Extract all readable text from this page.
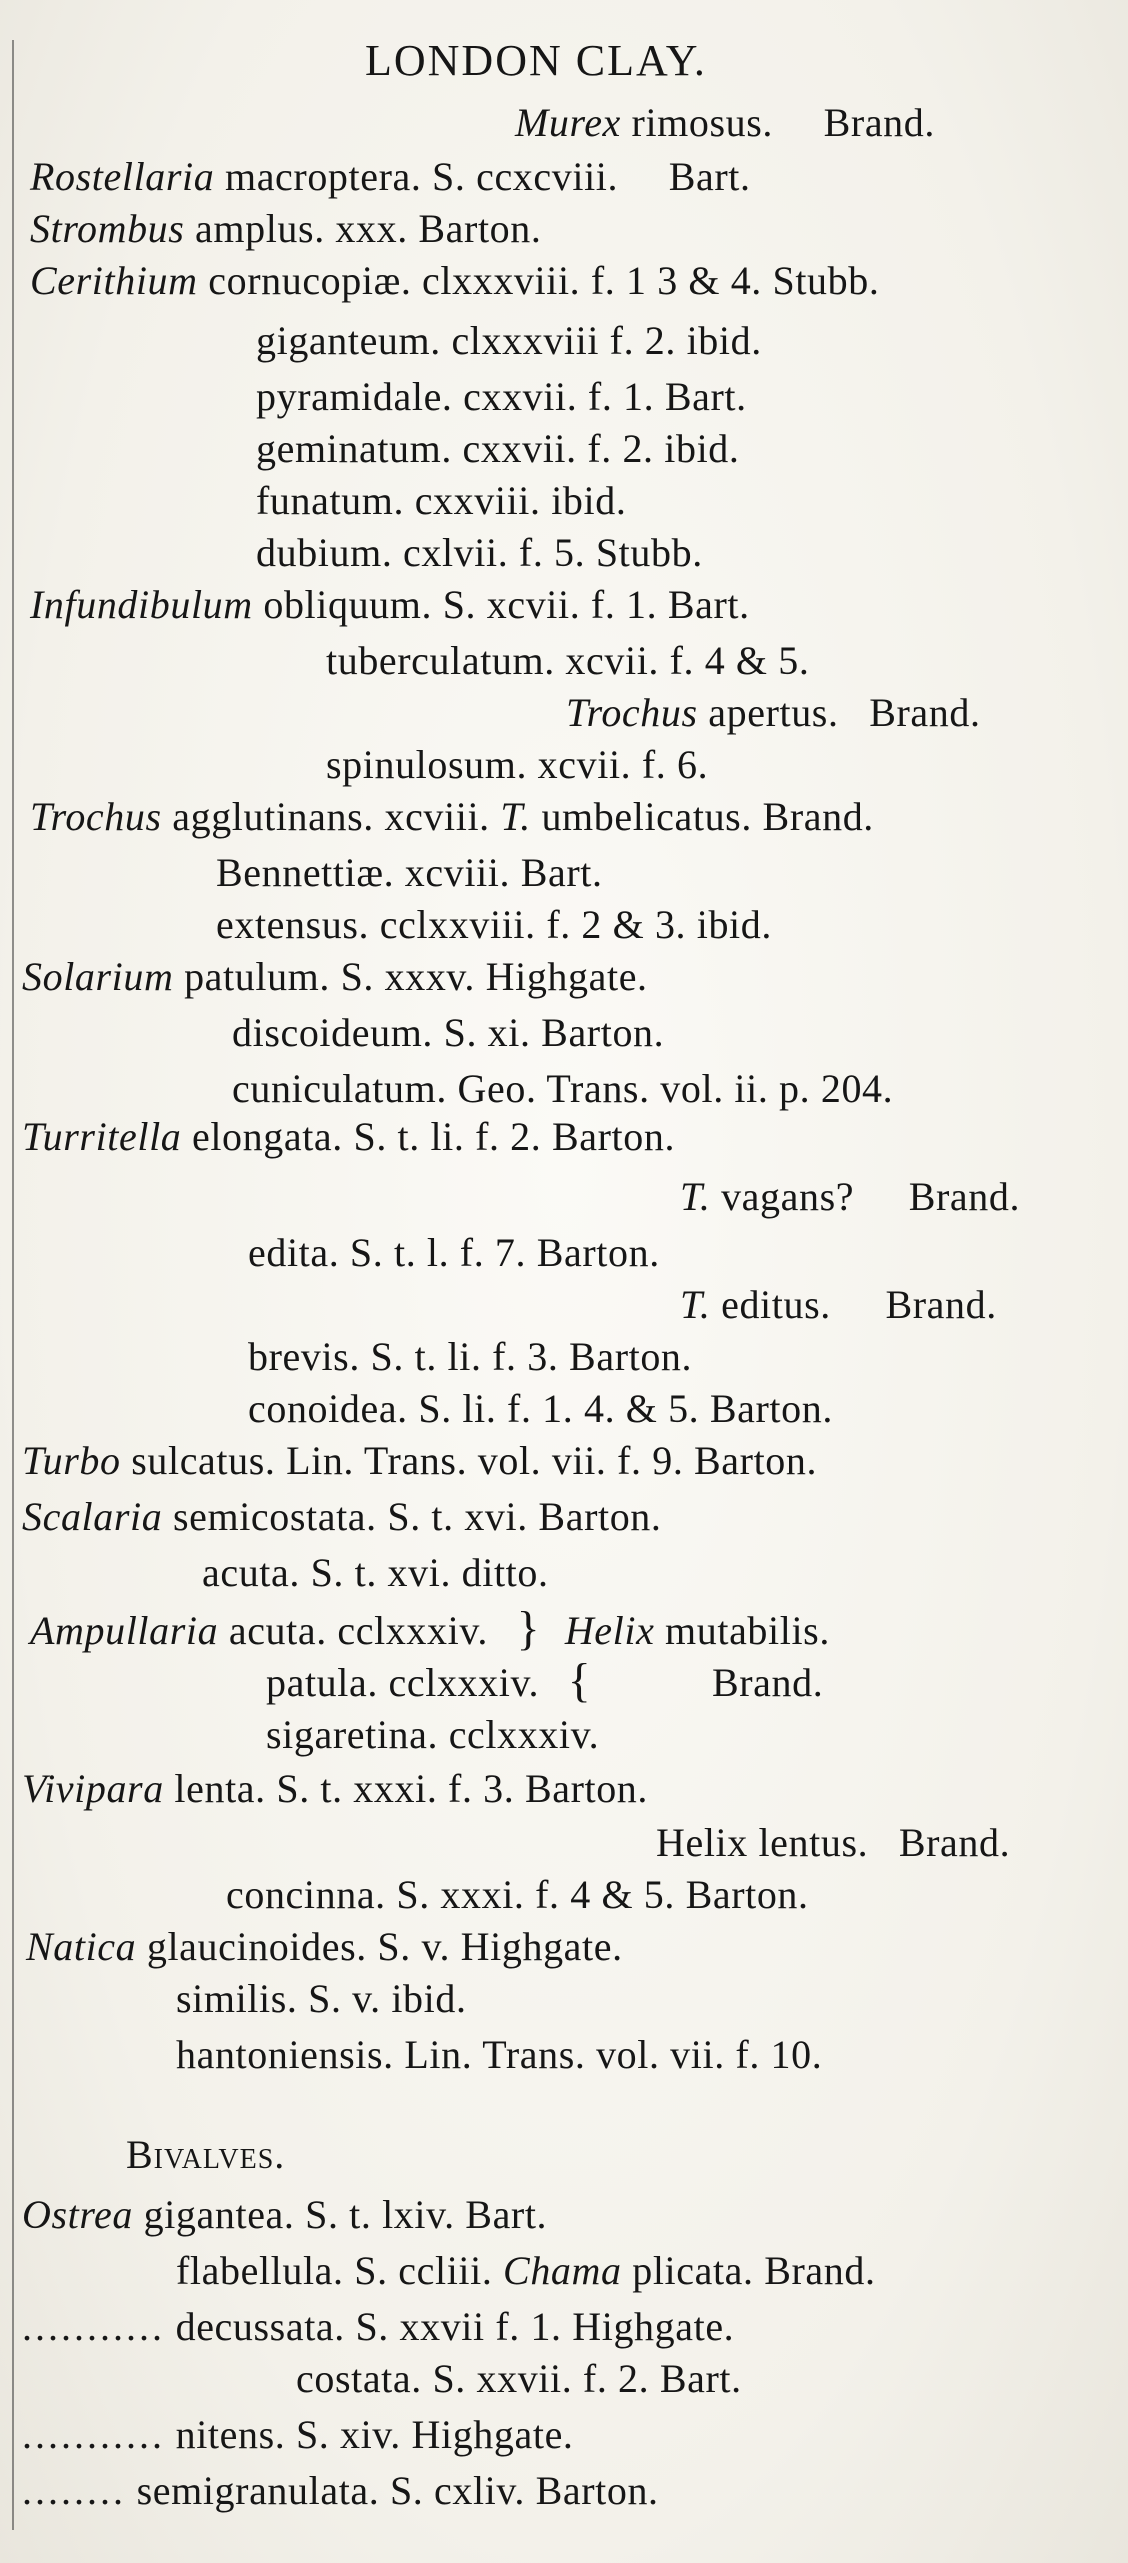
LONDON CLAY.
Murex rimosus. Brand.
Rostellaria macroptera. S. ccxcviii. Bart.
Strombus amplus. xxx. Barton.
Cerithium cornucopiæ. clxxxviii. f. 1 3 & 4. Stubb.
giganteum. clxxxviii f. 2. ibid.
pyramidale. cxxvii. f. 1. Bart.
geminatum. cxxvii. f. 2. ibid.
funatum. cxxviii. ibid.
dubium. cxlvii. f. 5. Stubb.
Infundibulum obliquum. S. xcvii. f. 1. Bart.
tuberculatum. xcvii. f. 4 & 5.
Trochus apertus. Brand.
spinulosum. xcvii. f. 6.
Trochus agglutinans. xcviii. T. umbelicatus. Brand.
Bennettiæ. xcviii. Bart.
extensus. cclxxviii. f. 2 & 3. ibid.
Solarium patulum. S. xxxv. Highgate.
discoideum. S. xi. Barton.
cuniculatum. Geo. Trans. vol. ii. p. 204.
Turritella elongata. S. t. li. f. 2. Barton.
T. vagans? Brand.
edita. S. t. l. f. 7. Barton.
T. editus. Brand.
brevis. S. t. li. f. 3. Barton.
conoidea. S. li. f. 1. 4. & 5. Barton.
Turbo sulcatus. Lin. Trans. vol. vii. f. 9. Barton.
Scalaria semicostata. S. t. xvi. Barton.
acuta. S. t. xvi. ditto.
Ampullaria acuta. cclxxxiv. } Helix mutabilis.
patula. cclxxxiv. {	Brand.
sigaretina. cclxxxiv.
Vivipara lenta. S. t. xxxi. f. 3. Barton.
Helix lentus. Brand.
concinna. S. xxxi. f. 4 & 5. Barton.
Natica glaucinoides. S. v. Highgate.
similis. S. v. ibid.
hantoniensis. Lin. Trans. vol. vii. f. 10.
Bivalves.
Ostrea gigantea. S. t. lxiv. Bart.
flabellula. S. ccliii. Chama plicata. Brand.
........... decussata. S. xxvii f. 1. Highgate.
costata. S. xxvii. f. 2. Bart.
........... nitens. S. xiv. Highgate.
........ semigranulata. S. cxliv. Barton.
